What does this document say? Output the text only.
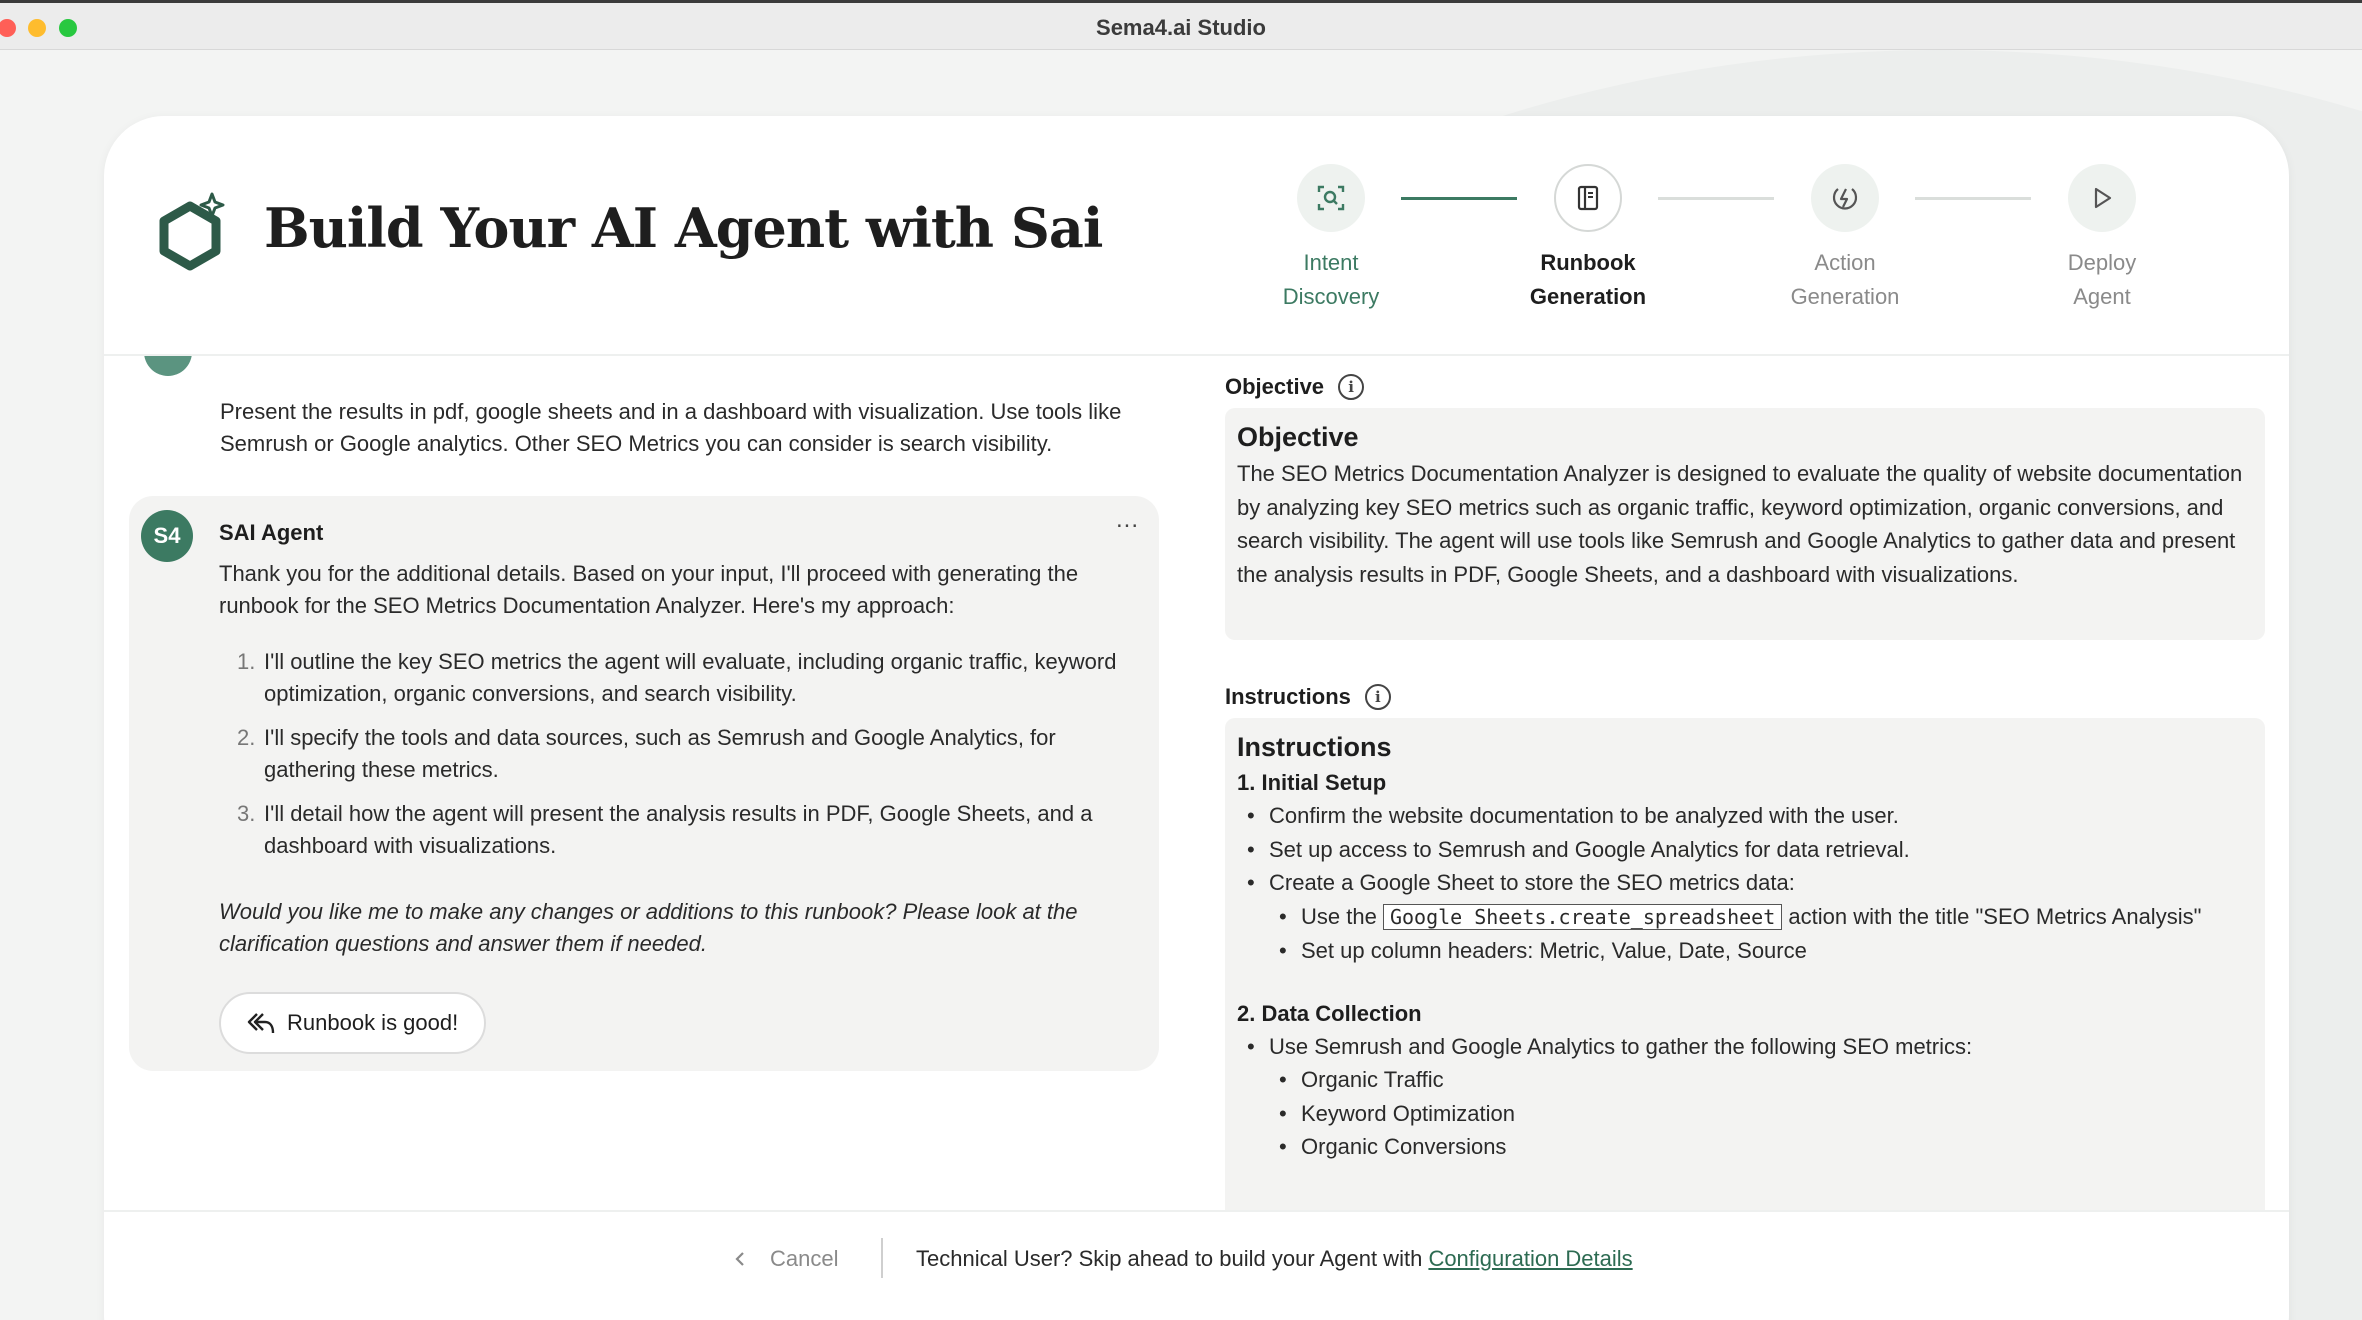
Sema4.ai Studio
Build Your AI Agent with Sai
Intent
Discovery
Runbook
Generation
Action
Generation
Deploy
Agent
Present the results in pdf, google sheets and in a dashboard with visualization. Use tools like Semrush or Google analytics. Other SEO Metrics you can consider is search visibility.
S4	SAI Agent	...
Thank you for the additional details. Based on your input, I'll proceed with generating the runbook for the SEO Metrics Documentation Analyzer. Here's my approach:
1. I'll outline the key SEO metrics the agent will evaluate, including organic traffic, keyword optimization, organic conversions, and search visibility.
2. I'll specify the tools and data sources, such as Semrush and Google Analytics, for gathering these metrics.
3. I'll detail how the agent will present the analysis results in PDF, Google Sheets, and a dashboard with visualizations.
Would you like me to make any changes or additions to this runbook? Please look at the clarification questions and answer them if needed.
Runbook is good!
Objective	i
Objective

The SEO Metrics Documentation Analyzer is designed to evaluate the quality of website documentation by analyzing key SEO metrics such as organic traffic, keyword optimization, organic conversions, and search visibility. The agent will use tools like Semrush and Google Analytics to gather data and present the analysis results in PDF, Google Sheets, and a dashboard with visualizations.

Instructions	i
Instructions
1. Initial Setup
• Confirm the website documentation to be analyzed with the user.
• Set up access to Semrush and Google Analytics for data retrieval.
• Create a Google Sheet to store the SEO metrics data:
• Use the Google Sheets.create_spreadsheet action with the title "SEO Metrics Analysis"
• Set up column headers: Metric, Value, Date, Source
2. Data Collection
• Use Semrush and Google Analytics to gather the following SEO metrics:
• Organic Traffic
• Keyword Optimization
• Organic Conversions
Cancel	Technical User? Skip ahead to build your Agent with Configuration Details
